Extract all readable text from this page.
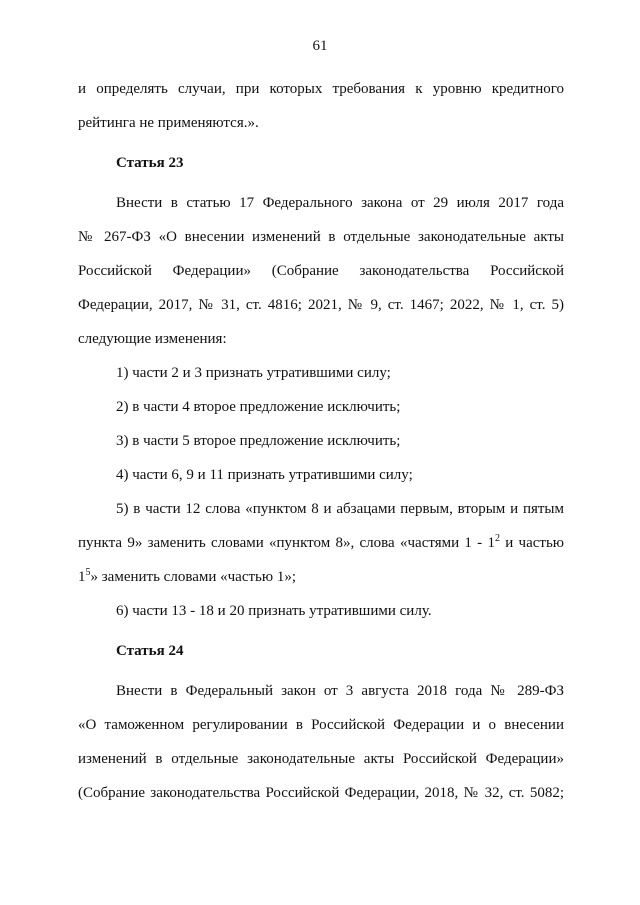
61

и определять случаи, при которых требования к уровню кредитного

рейтинга не применяются.».

Статья 23

Внести в статью 17 Федерального закона от 29 июля 2017 года

№ 267-ФЗ «О внесении изменений в отдельные законодательные акты

Российской Федерации» (Собрание законодательства Российской

Федерации, 2017, № 31, ст. 4816; 2021, № 9, ст. 1467; 2022, № 1, ст. 5)

следующие изменения:

1) части 2 и 3 признать утратившими силу;

2) в части 4 второе предложение исключить;

3) в части 5 второе предложение исключить;

4) части 6, 9 и 11 признать утратившими силу;

5) в части 12 слова «пунктом 8 и абзацами первым, вторым и пятым

пункта 9» заменить словами «пунктом 8», слова «частями $1 - 1^2$ и частью

$1^5$» заменить словами «частью 1»;

6) части 13 - 18 и 20 признать утратившими силу.

Статья 24

Внести в Федеральный закон от 3 августа 2018 года № 289-ФЗ

«О таможенном регулировании в Российской Федерации и о внесении

изменений в отдельные законодательные акты Российской Федерации»

(Собрание законодательства Российской Федерации, 2018, № 32, ст. 5082;
